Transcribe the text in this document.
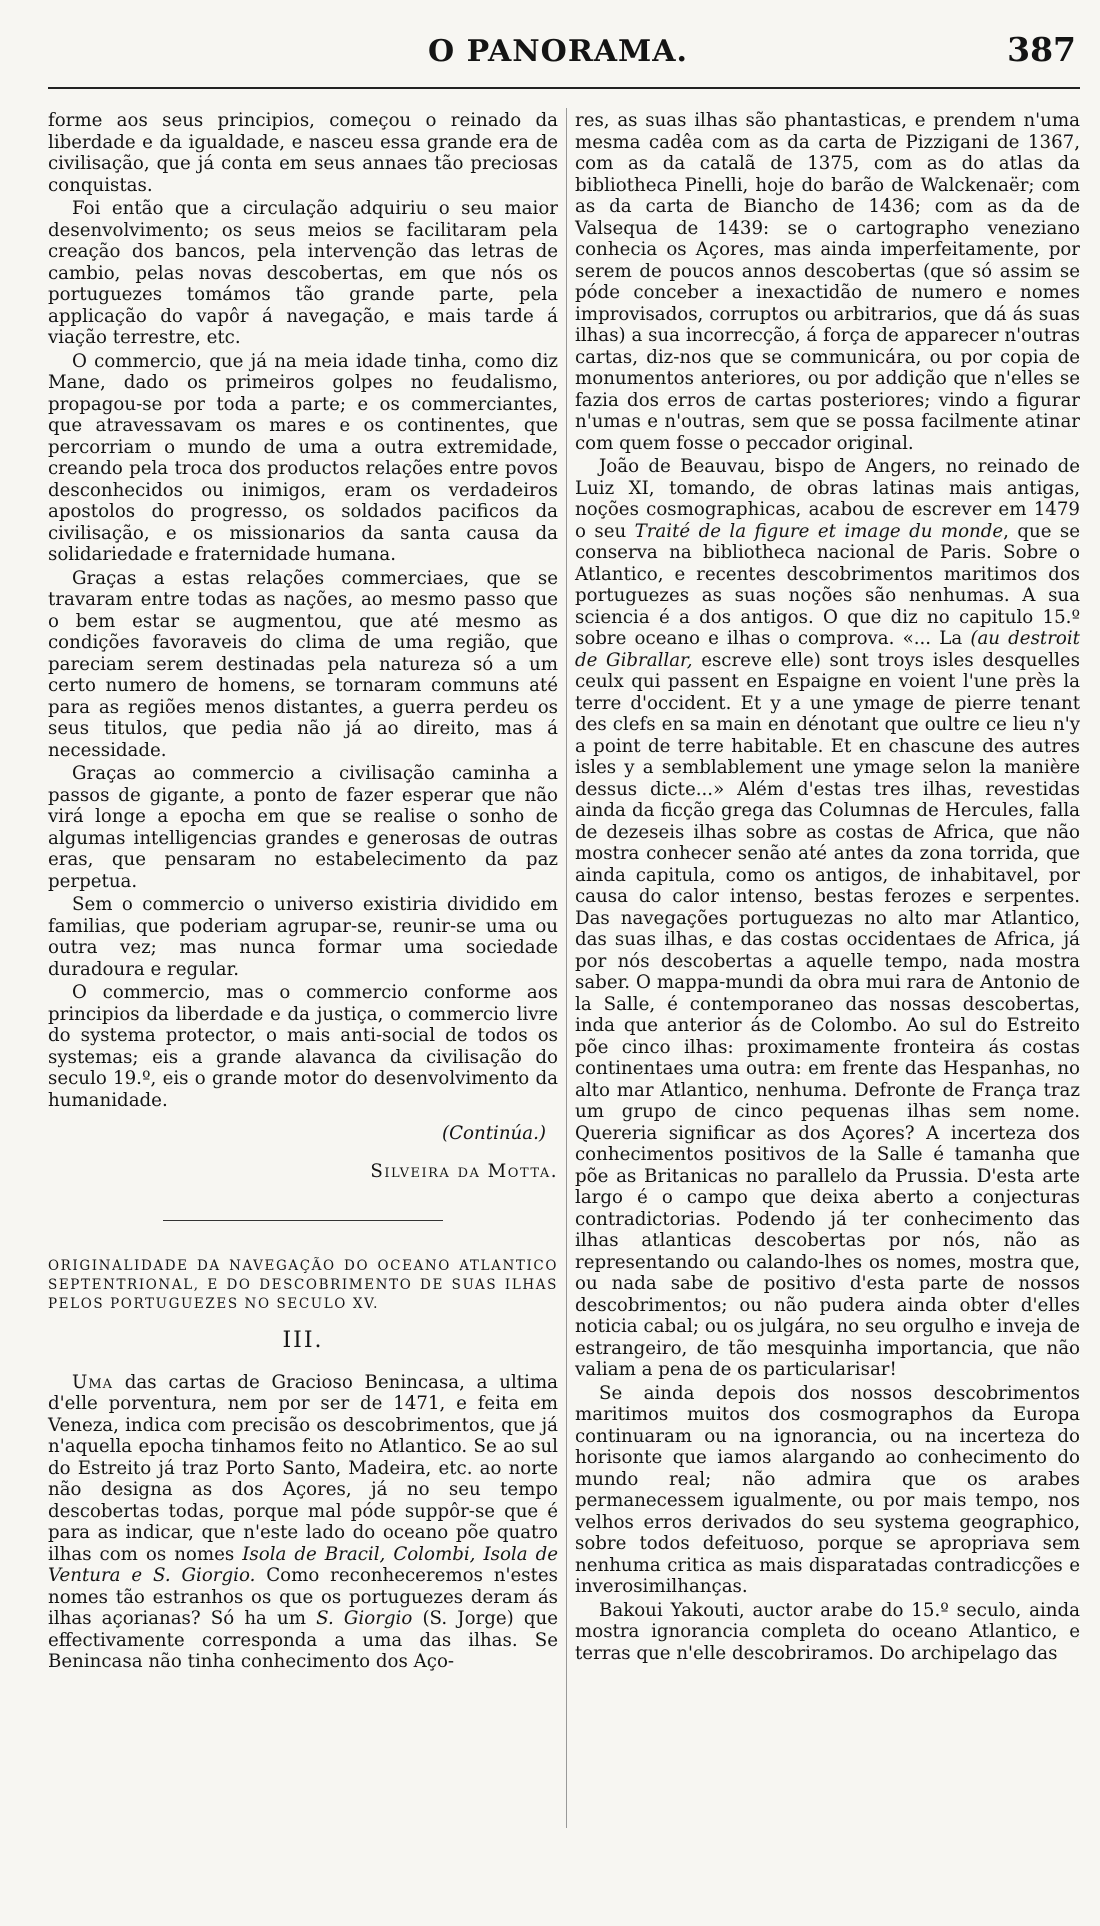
O PANORAMA.	387

forme aos seus principios, começou o reinado da liberdade e da igualdade, e nasceu essa grande era de civilisação, que já conta em seus annaes tão preciosas conquistas.

Foi então que a circulação adquiriu o seu maior desenvolvimento; os seus meios se facilitaram pela creação dos bancos, pela intervenção das letras de cambio, pelas novas descobertas, em que nós os portuguezes tomámos tão grande parte, pela applicação do vapôr á navegação, e mais tarde á viação terrestre, etc.

O commercio, que já na meia idade tinha, como diz Mane, dado os primeiros golpes no feudalismo, propagou-se por toda a parte; e os commerciantes, que atravessavam os mares e os continentes, que percorriam o mundo de uma a outra extremidade, creando pela troca dos productos relações entre povos desconhecidos ou inimigos, eram os verdadeiros apostolos do progresso, os soldados pacificos da civilisação, e os missionarios da santa causa da solidariedade e fraternidade humana.

Graças a estas relações commerciaes, que se travaram entre todas as nações, ao mesmo passo que o bem estar se augmentou, que até mesmo as condições favoraveis do clima de uma região, que pareciam serem destinadas pela natureza só a um certo numero de homens, se tornaram communs até para as regiões menos distantes, a guerra perdeu os seus titulos, que pedia não já ao direito, mas á necessidade.

Graças ao commercio a civilisação caminha a passos de gigante, a ponto de fazer esperar que não virá longe a epocha em que se realise o sonho de algumas intelligencias grandes e generosas de outras eras, que pensaram no estabelecimento da paz perpetua.

Sem o commercio o universo existiria dividido em familias, que poderiam agrupar-se, reunir-se uma ou outra vez; mas nunca formar uma sociedade duradoura e regular.

O commercio, mas o commercio conforme aos principios da liberdade e da justiça, o commercio livre do systema protector, o mais anti-social de todos os systemas; eis a grande alavanca da civilisação do seculo 19.º, eis o grande motor do desenvolvimento da humanidade.

(Continúa.)
Silveira da Motta.
ORIGINALIDADE DA NAVEGAÇÃO DO OCEANO ATLANTICO SEPTENTRIONAL, E DO DESCOBRIMENTO DE SUAS ILHAS PELOS PORTUGUEZES NO SECULO XV.
III.

Uma das cartas de Gracioso Benincasa, a ultima d'elle porventura, nem por ser de 1471, e feita em Veneza, indica com precisão os descobrimentos, que já n'aquella epocha tinhamos feito no Atlantico. Se ao sul do Estreito já traz Porto Santo, Madeira, etc. ao norte não designa as dos Açores, já no seu tempo descobertas todas, porque mal póde suppôr-se que é para as indicar, que n'este lado do oceano põe quatro ilhas com os nomes Isola de Bracil, Colombi, Isola de Ventura e S. Giorgio. Como reconheceremos n'estes nomes tão estranhos os que os portuguezes deram ás ilhas açorianas? Só ha um S. Giorgio (S. Jorge) que effectivamente corresponda a uma das ilhas. Se Benincasa não tinha conhecimento dos Aço-

res, as suas ilhas são phantasticas, e prendem n'uma mesma cadêa com as da carta de Pizzigani de 1367, com as da catalã de 1375, com as do atlas da bibliotheca Pinelli, hoje do barão de Walckenaër; com as da carta de Biancho de 1436; com as da de Valsequa de 1439: se o cartographo veneziano conhecia os Açores, mas ainda imperfeitamente, por serem de poucos annos descobertas (que só assim se póde conceber a inexactidão de numero e nomes improvisados, corruptos ou arbitrarios, que dá ás suas ilhas) a sua incorrecção, á força de apparecer n'outras cartas, diz-nos que se communicára, ou por copia de monumentos anteriores, ou por addição que n'elles se fazia dos erros de cartas posteriores; vindo a figurar n'umas e n'outras, sem que se possa facilmente atinar com quem fosse o peccador original.

João de Beauvau, bispo de Angers, no reinado de Luiz XI, tomando, de obras latinas mais antigas, noções cosmographicas, acabou de escrever em 1479 o seu Traité de la figure et image du monde, que se conserva na bibliotheca nacional de Paris. Sobre o Atlantico, e recentes descobrimentos maritimos dos portuguezes as suas noções são nenhumas. A sua sciencia é a dos antigos. O que diz no capitulo 15.º sobre oceano e ilhas o comprova. «... La (au destroit de Gibrallar, escreve elle) sont troys isles desquelles ceulx qui passent en Espaigne en voient l'une près la terre d'occident. Et y a une ymage de pierre tenant des clefs en sa main en dénotant que oultre ce lieu n'y a point de terre habitable. Et en chascune des autres isles y a semblablement une ymage selon la manière dessus dicte...» Além d'estas tres ilhas, revestidas ainda da ficção grega das Columnas de Hercules, falla de dezeseis ilhas sobre as costas de Africa, que não mostra conhecer senão até antes da zona torrida, que ainda capitula, como os antigos, de inhabitavel, por causa do calor intenso, bestas ferozes e serpentes. Das navegações portuguezas no alto mar Atlantico, das suas ilhas, e das costas occidentaes de Africa, já por nós descobertas a aquelle tempo, nada mostra saber. O mappa-mundi da obra mui rara de Antonio de la Salle, é contemporaneo das nossas descobertas, inda que anterior ás de Colombo. Ao sul do Estreito põe cinco ilhas: proximamente fronteira ás costas continentaes uma outra: em frente das Hespanhas, no alto mar Atlantico, nenhuma. Defronte de França traz um grupo de cinco pequenas ilhas sem nome. Quereria significar as dos Açores? A incerteza dos conhecimentos positivos de la Salle é tamanha que põe as Britanicas no parallelo da Prussia. D'esta arte largo é o campo que deixa aberto a conjecturas contradictorias. Podendo já ter conhecimento das ilhas atlanticas descobertas por nós, não as representando ou calando-lhes os nomes, mostra que, ou nada sabe de positivo d'esta parte de nossos descobrimentos; ou não pudera ainda obter d'elles noticia cabal; ou os julgára, no seu orgulho e inveja de estrangeiro, de tão mesquinha importancia, que não valiam a pena de os particularisar!

Se ainda depois dos nossos descobrimentos maritimos muitos dos cosmographos da Europa continuaram ou na ignorancia, ou na incerteza do horisonte que iamos alargando ao conhecimento do mundo real; não admira que os arabes permanecessem igualmente, ou por mais tempo, nos velhos erros derivados do seu systema geographico, sobre todos defeituoso, porque se apropriava sem nenhuma critica as mais disparatadas contradicções e inverosimilhanças.

Bakoui Yakouti, auctor arabe do 15.º seculo, ainda mostra ignorancia completa do oceano Atlantico, e terras que n'elle descobriramos. Do archipelago das
